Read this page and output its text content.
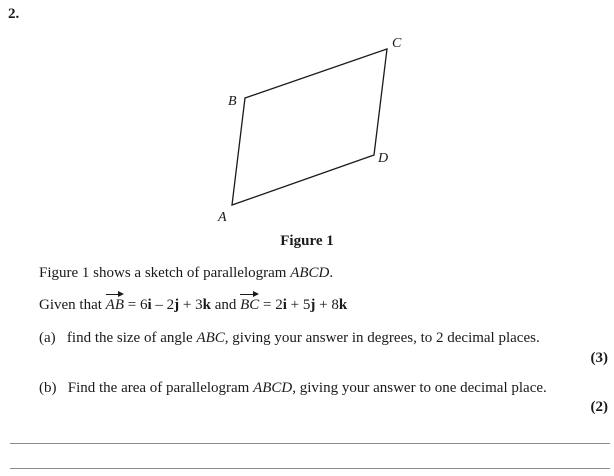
2.
A
B
C
D
Figure 1
Figure 1 shows a sketch of parallelogram ABCD.
Given that AB = 6i – 2j + 3k and BC = 2i + 5j + 8k
(a) find the size of angle ABC, giving your answer in degrees, to 2 decimal places.
(3)
(b) Find the area of parallelogram ABCD, giving your answer to one decimal place.
(2)
